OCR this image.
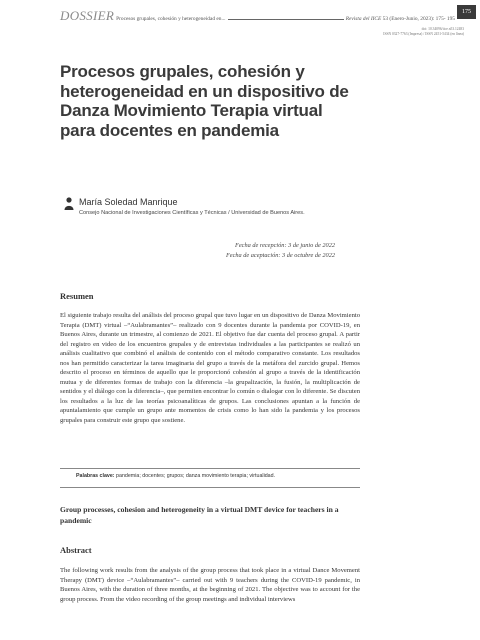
DOSSIER Procesos grupales, cohesión y heterogeneidad en...	Revista del IICE 53 (Enero-Junio, 2023): 175- 195
175
doi: 10.34096/iice.n53.12483
ISSN 0327-7763 (Impresa) / ISSN 2451-5434 (en línea)
Procesos grupales, cohesión y heterogeneidad en un dispositivo de Danza Movimiento Terapia virtual para docentes en pandemia
María Soledad Manrique
Consejo Nacional de Investigaciones Científicas y Técnicas / Universidad de Buenos Aires.
Fecha de recepción: 3 de junio de 2022
Fecha de aceptación: 3 de octubre de 2022
Resumen

El siguiente trabajo resulta del análisis del proceso grupal que tuvo lugar en un dispositivo de Danza Movimiento Terapia (DMT) virtual –“Aulabramantes”– realizado con 9 docentes durante la pandemia por COVID-19, en Buenos Aires, durante un trimestre, al comienzo de 2021. El objetivo fue dar cuenta del proceso grupal. A partir del registro en video de los encuentros grupales y de entrevistas individuales a las participantes se realizó un análisis cualitativo que combinó el análisis de contenido con el método comparativo constante. Los resultados nos han permitido caracterizar la tarea imaginaria del grupo a través de la metáfora del zurcido grupal. Hemos descrito el proceso en términos de aquello que le proporcionó cohesión al grupo a través de la identificación mutua y de diferentes formas de trabajo con la diferencia –la grupalización, la fusión, la multiplicación de sentidos y el diálogo con la diferencia–, que permiten encontrar lo común o dialogar con lo diferente. Se discuten los resultados a la luz de las teorías psicoanalíticas de grupos. Las conclusiones apuntan a la función de apuntalamiento que cumple un grupo ante momentos de crisis como lo han sido la pandemia y los procesos grupales para construir este grupo que sostiene.

Palabras clave: pandemia; docentes; grupos; danza movimiento terapia; virtualidad.
Group processes, cohesion and heterogeneity in a virtual DMT device for teachers in a pandemic
Abstract

The following work results from the analysis of the group process that took place in a virtual Dance Movement Therapy (DMT) device –“Aulabramantes”– carried out with 9 teachers during the COVID-19 pandemic, in Buenos Aires, with the duration of three months, at the beginning of 2021. The objective was to account for the group process. From the video recording of the group meetings and individual interviews
